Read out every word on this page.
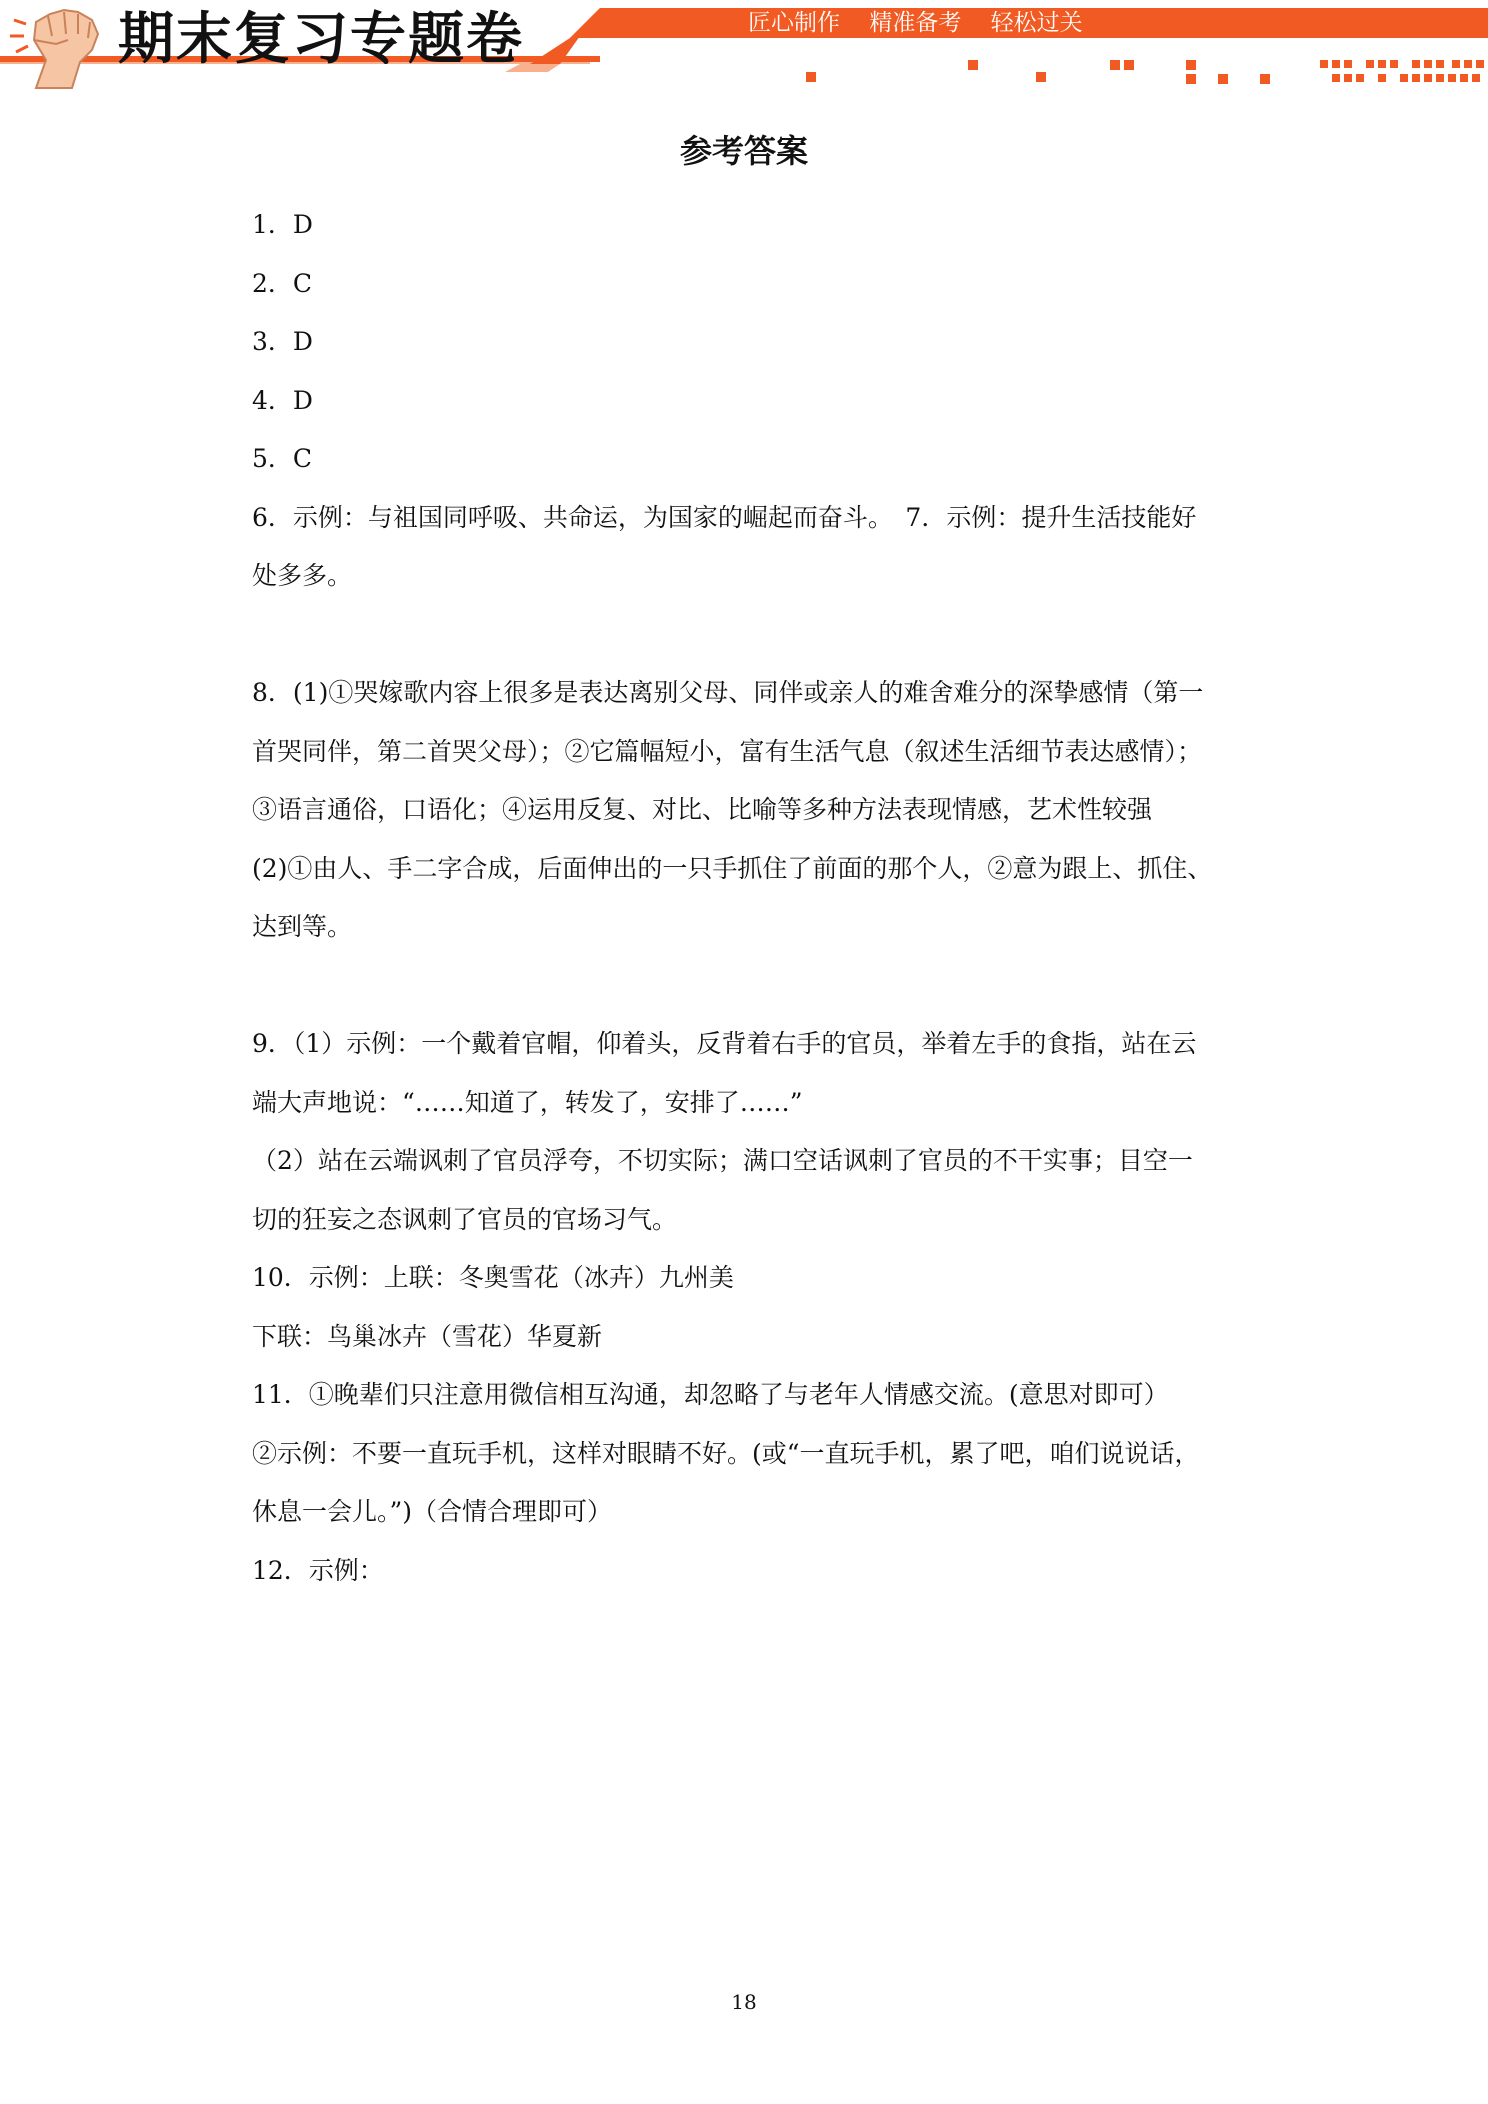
期末复习专题卷	匠心制作 精准备考 轻松过关
参考答案

1．D

2．C

3．D

4．D

5．C

6．示例：与祖国同呼吸、共命运，为国家的崛起而奋斗。　7．示例：提升生活技能好

处多多。

8．(1)①哭嫁歌内容上很多是表达离别父母、同伴或亲人的难舍难分的深挚感情（第一

首哭同伴，第二首哭父母）；②它篇幅短小，富有生活气息（叙述生活细节表达感情）；

③语言通俗，口语化；④运用反复、对比、比喻等多种方法表现情感，艺术性较强

(2)①由人、手二字合成，后面伸出的一只手抓住了前面的那个人，②意为跟上、抓住、

达到等。

9．（1）示例：一个戴着官帽，仰着头，反背着右手的官员，举着左手的食指，站在云

端大声地说：“……知道了，转发了，安排了……”

（2）站在云端讽刺了官员浮夸，不切实际；满口空话讽刺了官员的不干实事；目空一

切的狂妄之态讽刺了官员的官场习气。

10．示例：上联：冬奥雪花（冰卉）九州美

下联：鸟巢冰卉（雪花）华夏新

11．①晚辈们只注意用微信相互沟通，却忽略了与老年人情感交流。(意思对即可）

②示例：不要一直玩手机，这样对眼睛不好。(或“一直玩手机，累了吧，咱们说说话，

休息一会儿。”)（合情合理即可）

12．示例：

18
